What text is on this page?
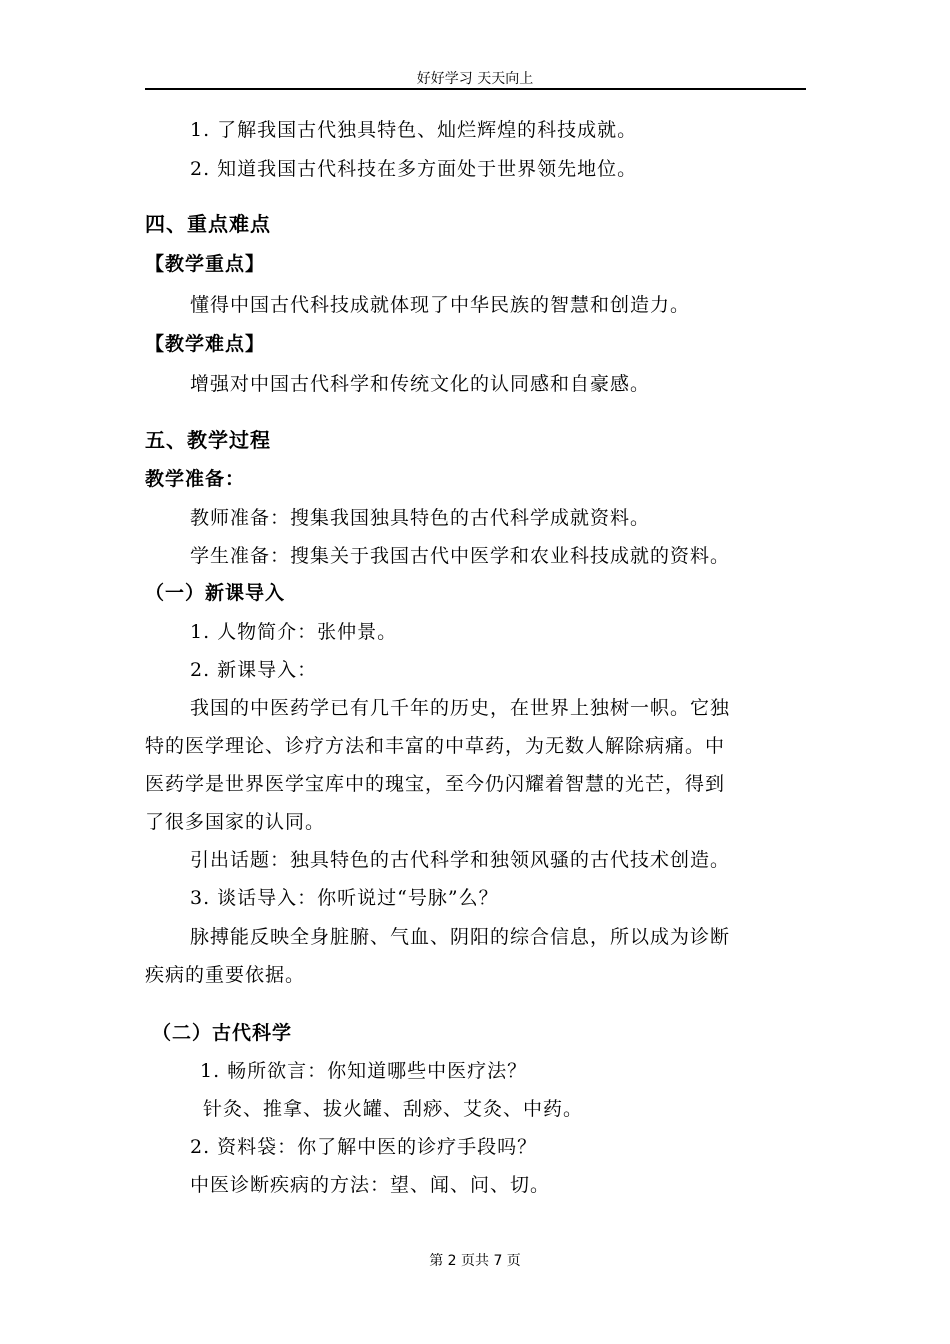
好好学习 天天向上
1. 了解我国古代独具特色、灿烂辉煌的科技成就。
2. 知道我国古代科技在多方面处于世界领先地位。
四、重点难点
【教学重点】
懂得中国古代科技成就体现了中华民族的智慧和创造力。
【教学难点】
增强对中国古代科学和传统文化的认同感和自豪感。
五、教学过程
教学准备：
教师准备：搜集我国独具特色的古代科学成就资料。
学生准备：搜集关于我国古代中医学和农业科技成就的资料。
（一）新课导入
1. 人物简介：张仲景。
2. 新课导入：
我国的中医药学已有几千年的历史，在世界上独树一帜。它独
特的医学理论、诊疗方法和丰富的中草药，为无数人解除病痛。中
医药学是世界医学宝库中的瑰宝，至今仍闪耀着智慧的光芒，得到
了很多国家的认同。
引出话题：独具特色的古代科学和独领风骚的古代技术创造。
3. 谈话导入：你听说过“号脉”么？
脉搏能反映全身脏腑、气血、阴阳的综合信息，所以成为诊断
疾病的重要依据。
（二）古代科学
1. 畅所欲言：你知道哪些中医疗法？
针灸、推拿、拔火罐、刮痧、艾灸、中药。
2. 资料袋：你了解中医的诊疗手段吗？
中医诊断疾病的方法：望、闻、问、切。
第 2 页共 7 页
